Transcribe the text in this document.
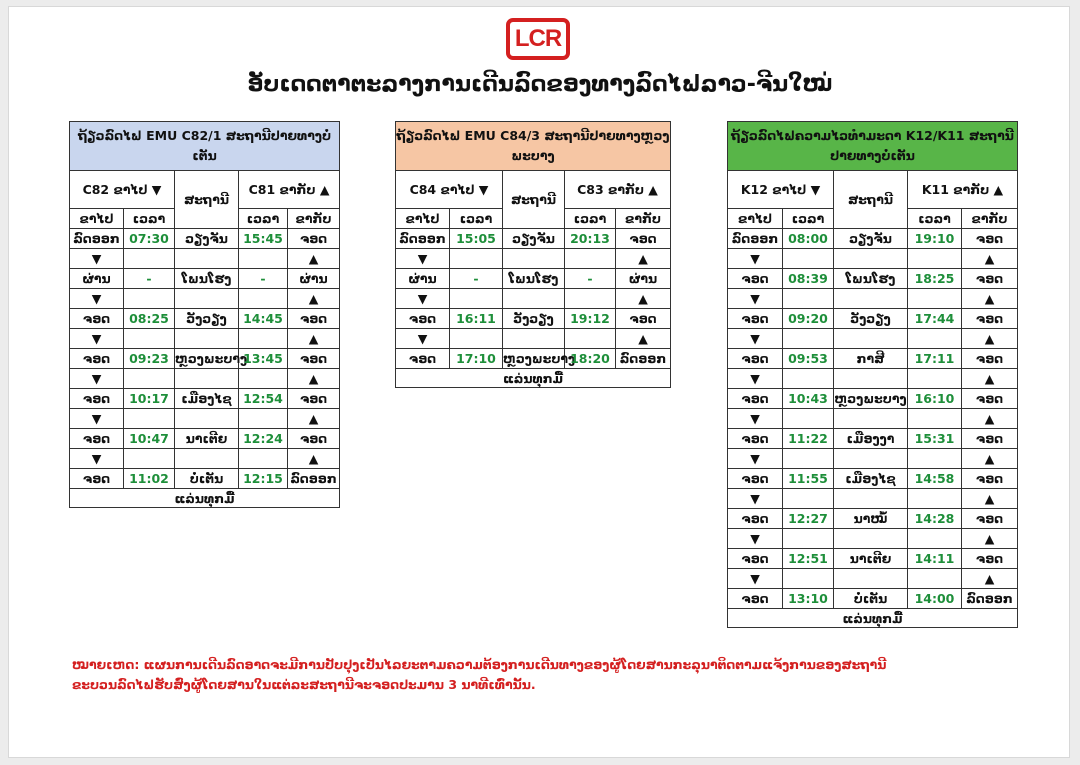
LCR
ອັບເດດຕາຕະລາງການເດີນລົດຂອງທາງລົດໄຟລາວ-ຈີນໃໝ່
ຖ້ຽວລົດໄຟ EMU C82/1 ສະຖານີປາຍທາງບໍ່ເຕັນ				
C82 ຂາໄປ ▼		ສະຖານີ	C81 ຂາກັບ ▲	
ຂາໄປ	ເວລາ		ເວລາ	ຂາກັບ
ລົດອອກ	07:30	ວຽງຈັນ	15:45	ຈອດ
▼				▲
ຜ່ານ	-	ໂພນໂຮງ	-	ຜ່ານ
▼				▲
ຈອດ	08:25	ວັງວຽງ	14:45	ຈອດ
▼				▲
ຈອດ	09:23	ຫຼວງພະບາງ	13:45	ຈອດ
▼				▲
ຈອດ	10:17	ເມືອງໄຊ	12:54	ຈອດ
▼				▲
ຈອດ	10:47	ນາເຕີຍ	12:24	ຈອດ
▼				▲
ຈອດ	11:02	ບໍ່ເຕັນ	12:15	ລົດອອກ
ແລ່ນທຸກມື້				
ຖ້ຽວລົດໄຟ EMU C84/3 ສະຖານີປາຍທາງຫຼວງພະບາງ				
C84 ຂາໄປ ▼		ສະຖານີ	C83 ຂາກັບ ▲	
ຂາໄປ	ເວລາ		ເວລາ	ຂາກັບ
ລົດອອກ	15:05	ວຽງຈັນ	20:13	ຈອດ
▼				▲
ຜ່ານ	-	ໂພນໂຮງ	-	ຜ່ານ
▼				▲
ຈອດ	16:11	ວັງວຽງ	19:12	ຈອດ
▼				▲
ຈອດ	17:10	ຫຼວງພະບາງ	18:20	ລົດອອກ
ແລ່ນທຸກມື້				
ຖ້ຽວລົດໄຟຄວາມໄວທຳມະດາ K12/K11 ສະຖານີປາຍທາງບໍ່ເຕັນ				
K12 ຂາໄປ ▼		ສະຖານີ	K11 ຂາກັບ ▲	
ຂາໄປ	ເວລາ		ເວລາ	ຂາກັບ
ລົດອອກ	08:00	ວຽງຈັນ	19:10	ຈອດ
▼				▲
ຈອດ	08:39	ໂພນໂຮງ	18:25	ຈອດ
▼				▲
ຈອດ	09:20	ວັງວຽງ	17:44	ຈອດ
▼				▲
ຈອດ	09:53	ກາສີ	17:11	ຈອດ
▼				▲
ຈອດ	10:43	ຫຼວງພະບາງ	16:10	ຈອດ
▼				▲
ຈອດ	11:22	ເມືອງງາ	15:31	ຈອດ
▼				▲
ຈອດ	11:55	ເມືອງໄຊ	14:58	ຈອດ
▼				▲
ຈອດ	12:27	ນາໝໍ້	14:28	ຈອດ
▼				▲
ຈອດ	12:51	ນາເຕີຍ	14:11	ຈອດ
▼				▲
ຈອດ	13:10	ບໍ່ເຕັນ	14:00	ລົດອອກ
ແລ່ນທຸກມື້				
ໝາຍເຫດ: ແຜນການເດີນລົດອາດຈະມີການປັບປຸງເປັນໄລຍະຕາມຄວາມຕ້ອງການເດີນທາງຂອງຜູ້ໂດຍສານກະລຸນາຕິດຕາມແຈ້ງການຂອງສະຖານີ
ຂະບວນລົດໄຟຮັບສົ່ງຜູ້ໂດຍສານໃນແຕ່ລະສະຖານີຈະຈອດປະມານ 3 ນາທີເທົ່ານັ້ນ.
